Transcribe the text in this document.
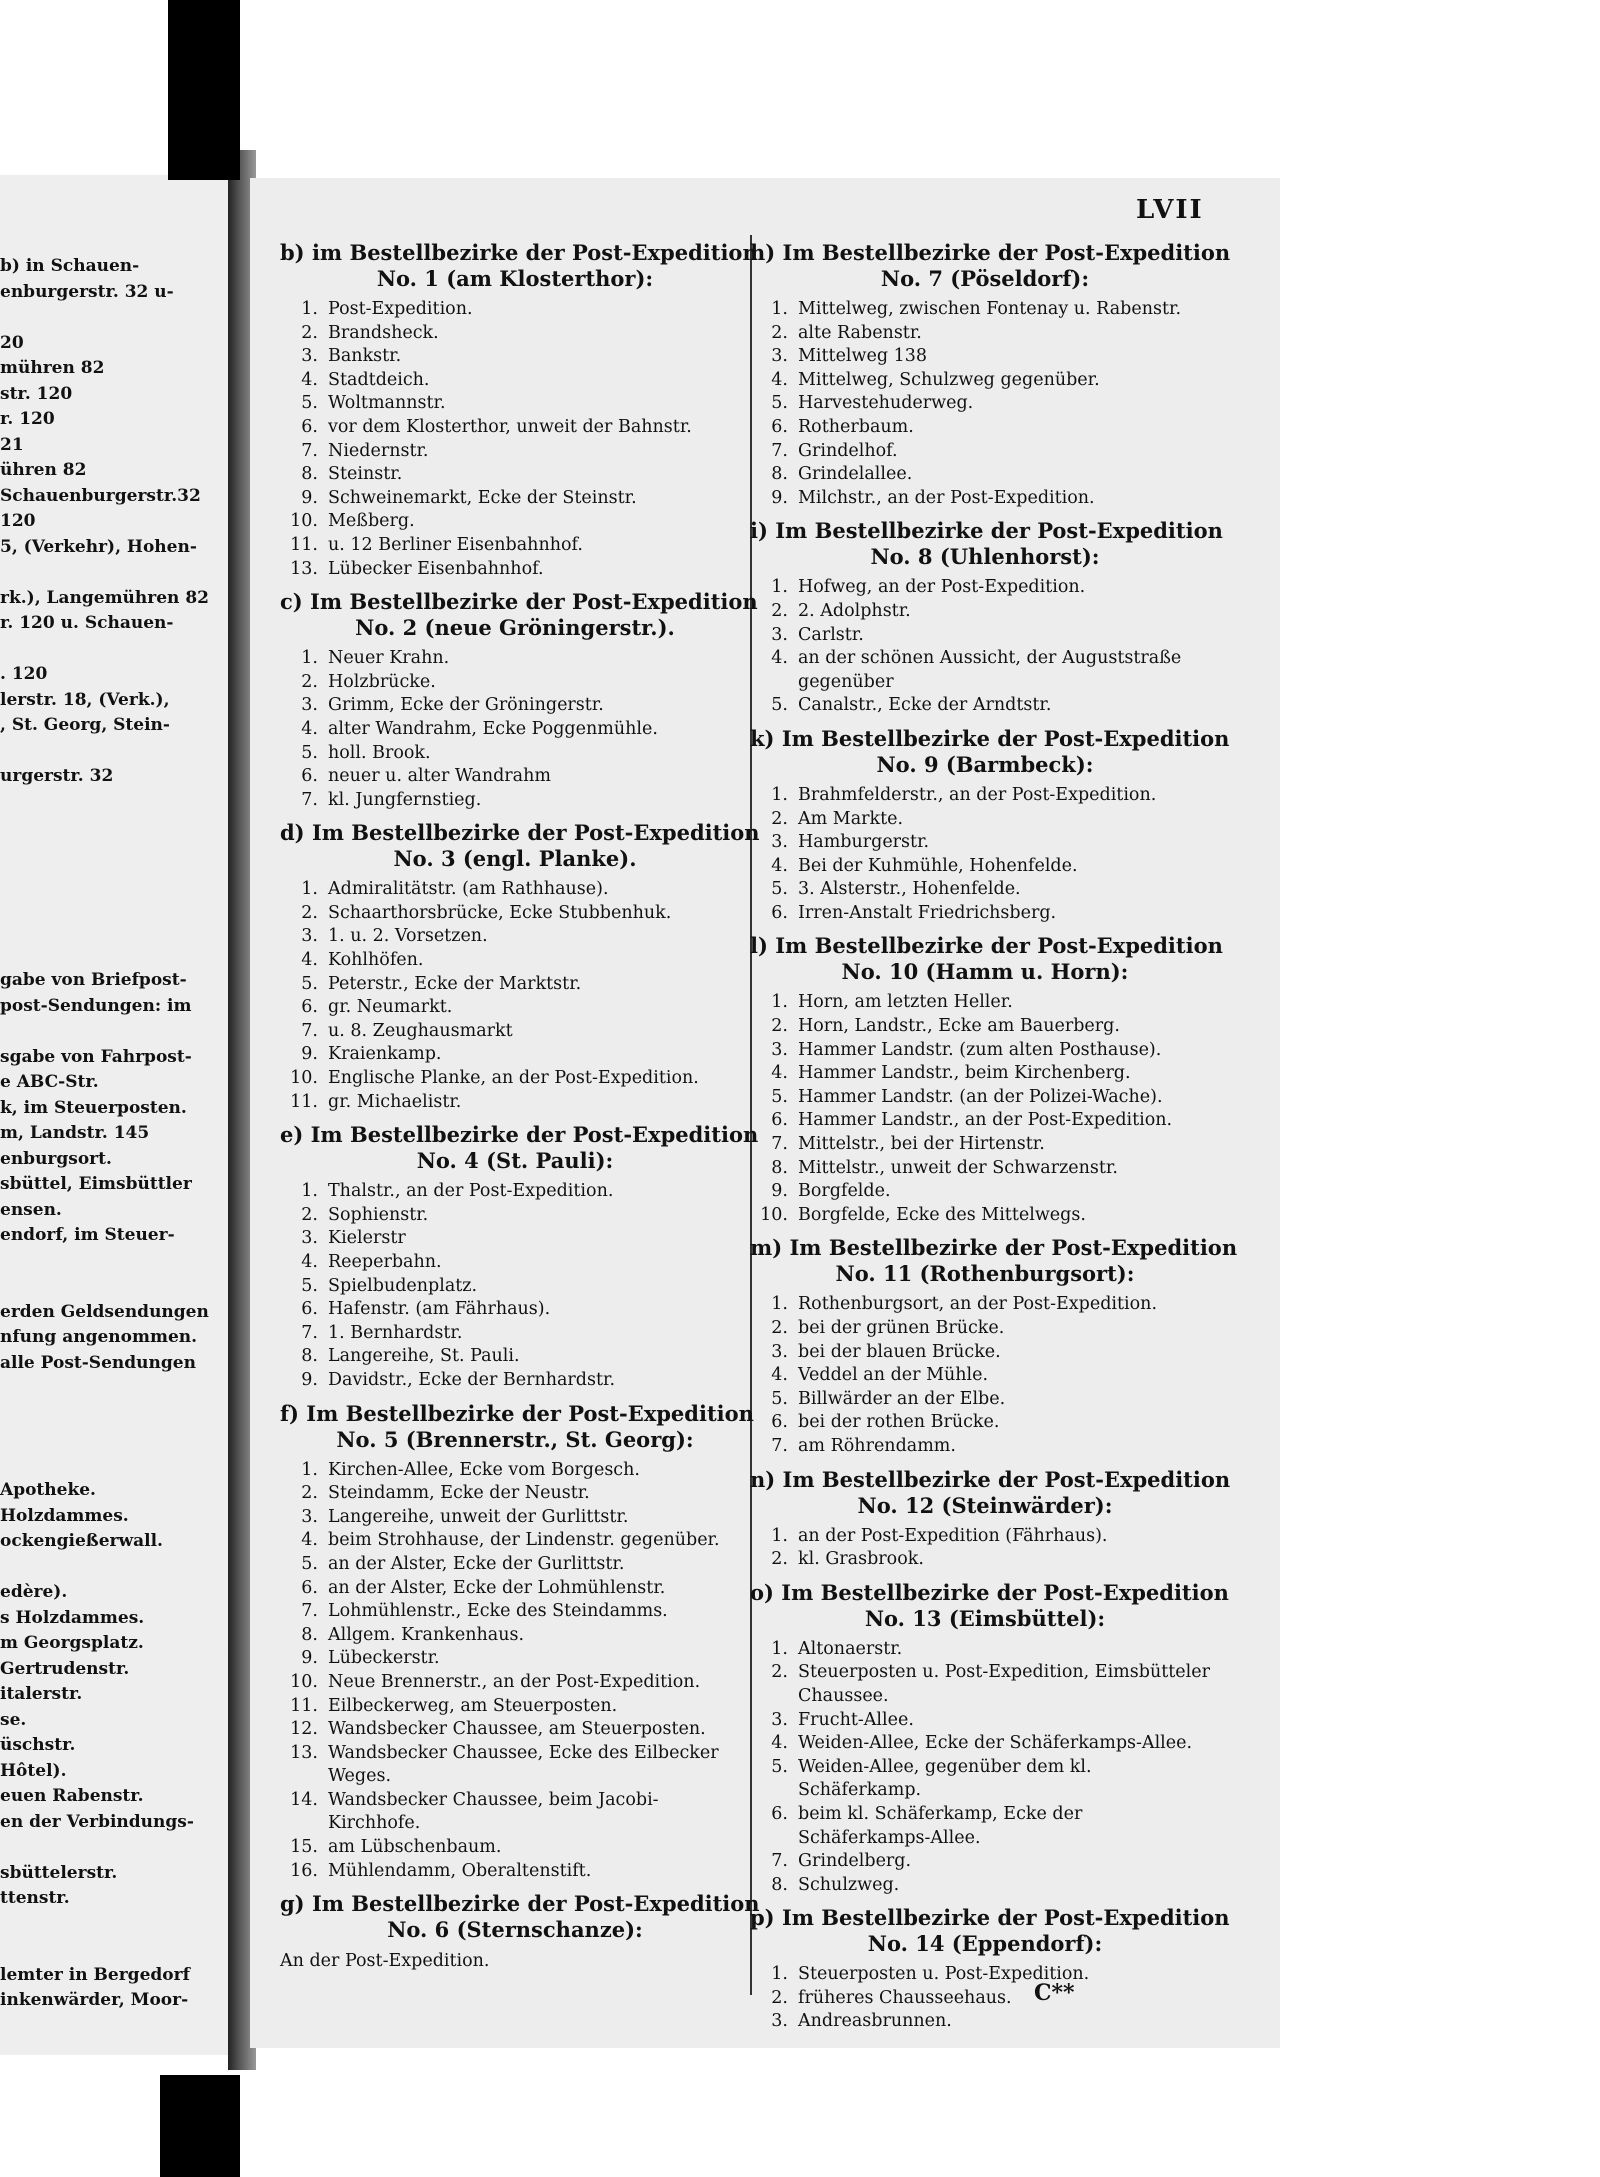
b) in Schauen-
enburgerstr. 32 u-
20
mühren 82
str. 120
r. 120
21
ühren 82
Schauenburgerstr.32
120
5, (Verkehr), Hohen-
rk.), Langemühren 82
r. 120 u. Schauen-
. 120
lerstr. 18, (Verk.),
, St. Georg, Stein-
urgerstr. 32
gabe von Briefpost-
post-Sendungen: im
sgabe von Fahrpost-
e ABC-Str.
k, im Steuerposten.
m, Landstr. 145
enburgsort.
sbüttel, Eimsbüttler
ensen.
endorf, im Steuer-
erden Geldsendungen
nfung angenommen.
alle Post-Sendungen
Apotheke.
Holzdammes.
ockengießerwall.
edère).
s Holzdammes.
m Georgsplatz.
Gertrudenstr.
italerstr.
se.
üschstr.
Hôtel).
euen Rabenstr.
en der Verbindungs-
sbüttelerstr.
ttenstr.
lemter in Bergedorf
inkenwärder, Moor-
LVII
b) im Bestellbezirke der Post-Expedition
No. 1 (am Klosterthor):
1. Post-Expedition.
2. Brandsheck.
3. Bankstr.
4. Stadtdeich.
5. Woltmannstr.
6. vor dem Klosterthor, unweit der Bahnstr.
7. Niedernstr.
8. Steinstr.
9. Schweinemarkt, Ecke der Steinstr.
10. Meßberg.
11. u. 12 Berliner Eisenbahnhof.
13. Lübecker Eisenbahnhof.
c) Im Bestellbezirke der Post-Expedition
No. 2 (neue Gröningerstr.).
1. Neuer Krahn.
2. Holzbrücke.
3. Grimm, Ecke der Gröningerstr.
4. alter Wandrahm, Ecke Poggenmühle.
5. holl. Brook.
6. neuer u. alter Wandrahm
7. kl. Jungfernstieg.
d) Im Bestellbezirke der Post-Expedition
No. 3 (engl. Planke).
1. Admiralitätstr. (am Rathhause).
2. Schaarthorsbrücke, Ecke Stubbenhuk.
3. 1. u. 2. Vorsetzen.
4. Kohlhöfen.
5. Peterstr., Ecke der Marktstr.
6. gr. Neumarkt.
7. u. 8. Zeughausmarkt
9. Kraienkamp.
10. Englische Planke, an der Post-Expedition.
11. gr. Michaelistr.
e) Im Bestellbezirke der Post-Expedition
No. 4 (St. Pauli):
1. Thalstr., an der Post-Expedition.
2. Sophienstr.
3. Kielerstr
4. Reeperbahn.
5. Spielbudenplatz.
6. Hafenstr. (am Fährhaus).
7. 1. Bernhardstr.
8. Langereihe, St. Pauli.
9. Davidstr., Ecke der Bernhardstr.
f) Im Bestellbezirke der Post-Expedition
No. 5 (Brennerstr., St. Georg):
1. Kirchen-Allee, Ecke vom Borgesch.
2. Steindamm, Ecke der Neustr.
3. Langereihe, unweit der Gurlittstr.
4. beim Strohhause, der Lindenstr. gegenüber.
5. an der Alster, Ecke der Gurlittstr.
6. an der Alster, Ecke der Lohmühlenstr.
7. Lohmühlenstr., Ecke des Steindamms.
8. Allgem. Krankenhaus.
9. Lübeckerstr.
10. Neue Brennerstr., an der Post-Expedition.
11. Eilbeckerweg, am Steuerposten.
12. Wandsbecker Chaussee, am Steuerposten.
13. Wandsbecker Chaussee, Ecke des Eilbecker Weges.
14. Wandsbecker Chaussee, beim Jacobi-Kirchhofe.
15. am Lübschenbaum.
16. Mühlendamm, Oberaltenstift.
g) Im Bestellbezirke der Post-Expedition
No. 6 (Sternschanze):
An der Post-Expedition.
h) Im Bestellbezirke der Post-Expedition
No. 7 (Pöseldorf):
1. Mittelweg, zwischen Fontenay u. Rabenstr.
2. alte Rabenstr.
3. Mittelweg 138
4. Mittelweg, Schulzweg gegenüber.
5. Harvestehuderweg.
6. Rotherbaum.
7. Grindelhof.
8. Grindelallee.
9. Milchstr., an der Post-Expedition.
i) Im Bestellbezirke der Post-Expedition
No. 8 (Uhlenhorst):
1. Hofweg, an der Post-Expedition.
2. 2. Adolphstr.
3. Carlstr.
4. an der schönen Aussicht, der Auguststraße gegenüber
5. Canalstr., Ecke der Arndtstr.
k) Im Bestellbezirke der Post-Expedition
No. 9 (Barmbeck):
1. Brahmfelderstr., an der Post-Expedition.
2. Am Markte.
3. Hamburgerstr.
4. Bei der Kuhmühle, Hohenfelde.
5. 3. Alsterstr., Hohenfelde.
6. Irren-Anstalt Friedrichsberg.
l) Im Bestellbezirke der Post-Expedition
No. 10 (Hamm u. Horn):
1. Horn, am letzten Heller.
2. Horn, Landstr., Ecke am Bauerberg.
3. Hammer Landstr. (zum alten Posthause).
4. Hammer Landstr., beim Kirchenberg.
5. Hammer Landstr. (an der Polizei-Wache).
6. Hammer Landstr., an der Post-Expedition.
7. Mittelstr., bei der Hirtenstr.
8. Mittelstr., unweit der Schwarzenstr.
9. Borgfelde.
10. Borgfelde, Ecke des Mittelwegs.
m) Im Bestellbezirke der Post-Expedition
No. 11 (Rothenburgsort):
1. Rothenburgsort, an der Post-Expedition.
2. bei der grünen Brücke.
3. bei der blauen Brücke.
4. Veddel an der Mühle.
5. Billwärder an der Elbe.
6. bei der rothen Brücke.
7. am Röhrendamm.
n) Im Bestellbezirke der Post-Expedition
No. 12 (Steinwärder):
1. an der Post-Expedition (Fährhaus).
2. kl. Grasbrook.
o) Im Bestellbezirke der Post-Expedition
No. 13 (Eimsbüttel):
1. Altonaerstr.
2. Steuerposten u. Post-Expedition, Eimsbütteler Chaussee.
3. Frucht-Allee.
4. Weiden-Allee, Ecke der Schäferkamps-Allee.
5. Weiden-Allee, gegenüber dem kl. Schäferkamp.
6. beim kl. Schäferkamp, Ecke der Schäferkamps-Allee.
7. Grindelberg.
8. Schulzweg.
p) Im Bestellbezirke der Post-Expedition
No. 14 (Eppendorf):
1. Steuerposten u. Post-Expedition.
2. früheres Chausseehaus.
3. Andreasbrunnen.
C**
